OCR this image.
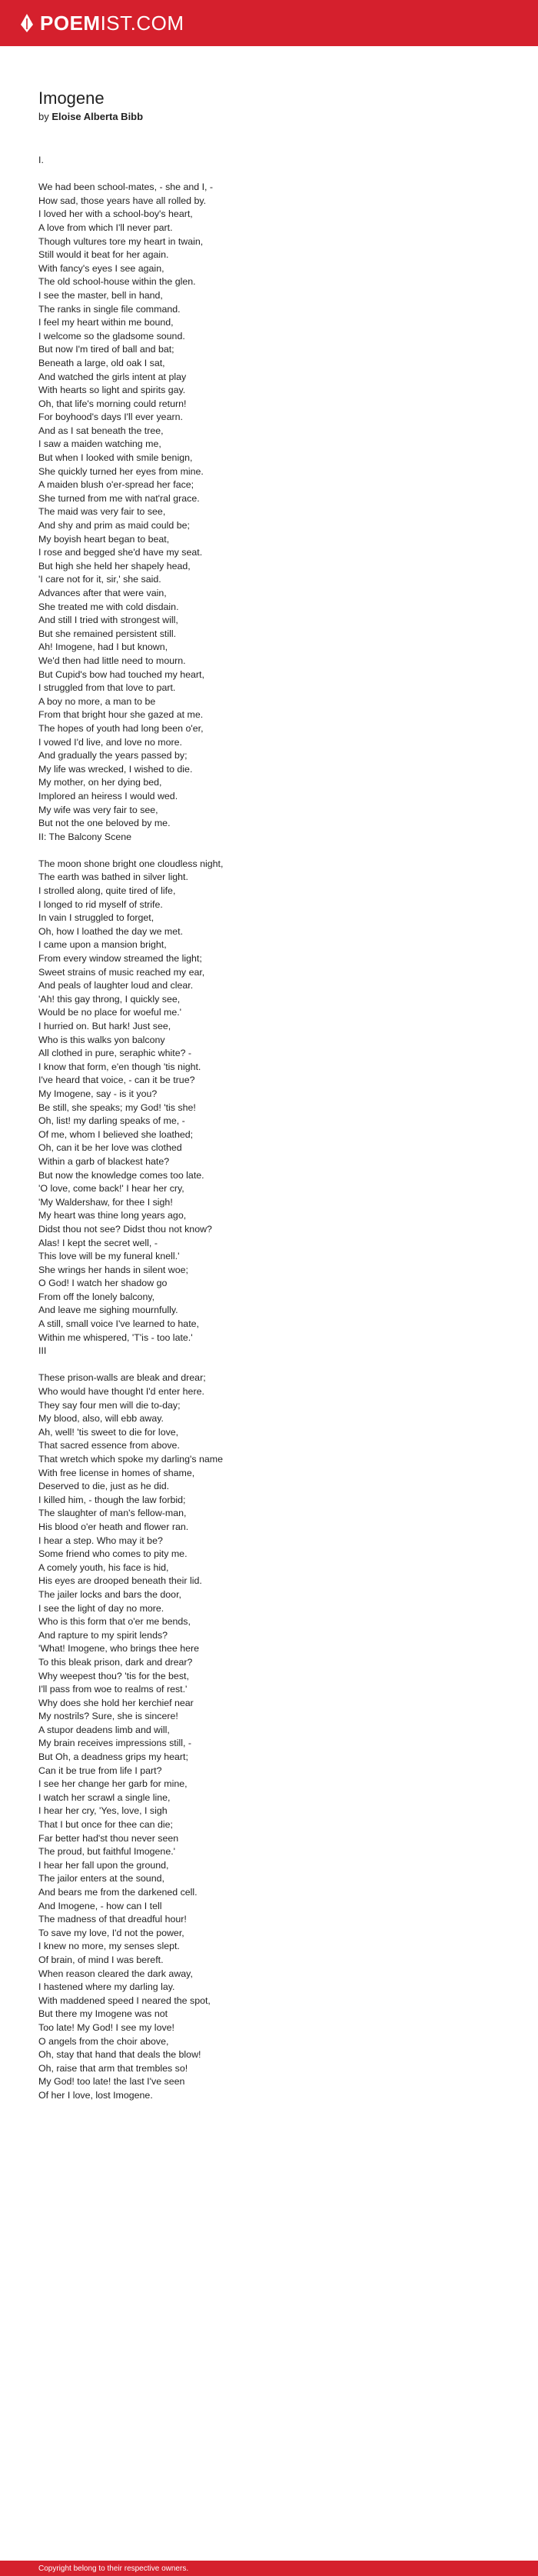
POEMIST.COM
Imogene
by Eloise Alberta Bibb
I.
We had been school-mates, - she and I, -
How sad, those years have all rolled by.
I loved her with a school-boy's heart,
A love from which I'll never part.
Though vultures tore my heart in twain,
Still would it beat for her again.
With fancy's eyes I see again,
The old school-house within the glen.
I see the master, bell in hand,
The ranks in single file command.
I feel my heart within me bound,
I welcome so the gladsome sound.
But now I'm tired of ball and bat;
Beneath a large, old oak I sat,
And watched the girls intent at play
With hearts so light and spirits gay.
Oh, that life's morning could return!
For boyhood's days I'll ever yearn.
And as I sat beneath the tree,
I saw a maiden watching me,
But when I looked with smile benign,
She quickly turned her eyes from mine.
A maiden blush o'er-spread her face;
She turned from me with nat'ral grace.
The maid was very fair to see,
And shy and prim as maid could be;
My boyish heart began to beat,
I rose and begged she'd have my seat.
But high she held her shapely head,
'I care not for it, sir,' she said.
Advances after that were vain,
She treated me with cold disdain.
And still I tried with strongest will,
But she remained persistent still.
Ah! Imogene, had I but known,
We'd then had little need to mourn.
But Cupid's bow had touched my heart,
I struggled from that love to part.
A boy no more, a man to be
From that bright hour she gazed at me.
The hopes of youth had long been o'er,
I vowed I'd live, and love no more.
And gradually the years passed by;
My life was wrecked, I wished to die.
My mother, on her dying bed,
Implored an heiress I would wed.
My wife was very fair to see,
But not the one beloved by me.
II: The Balcony Scene
The moon shone bright one cloudless night,
The earth was bathed in silver light.
I strolled along, quite tired of life,
I longed to rid myself of strife.
In vain I struggled to forget,
Oh, how I loathed the day we met.
I came upon a mansion bright,
From every window streamed the light;
Sweet strains of music reached my ear,
And peals of laughter loud and clear.
'Ah! this gay throng, I quickly see,
Would be no place for woeful me.'
I hurried on. But hark! Just see,
Who is this walks yon balcony
All clothed in pure, seraphic white? -
I know that form, e'en though 'tis night.
I've heard that voice, - can it be true?
My Imogene, say - is it you?
Be still, she speaks; my God! 'tis she!
Oh, list! my darling speaks of me, -
Of me, whom I believed she loathed;
Oh, can it be her love was clothed
Within a garb of blackest hate?
But now the knowledge comes too late.
'O love, come back!' I hear her cry,
'My Waldershaw, for thee I sigh!
My heart was thine long years ago,
Didst thou not see? Didst thou not know?
Alas! I kept the secret well, -
This love will be my funeral knell.'
She wrings her hands in silent woe;
O God! I watch her shadow go
From off the lonely balcony,
And leave me sighing mournfully.
A still, small voice I've learned to hate,
Within me whispered, 'T'is - too late.'
III
These prison-walls are bleak and drear;
Who would have thought I'd enter here.
They say four men will die to-day;
My blood, also, will ebb away.
Ah, well! 'tis sweet to die for love,
That sacred essence from above.
That wretch which spoke my darling's name
With free license in homes of shame,
Deserved to die, just as he did.
I killed him, - though the law forbid;
The slaughter of man's fellow-man,
His blood o'er heath and flower ran.
I hear a step. Who may it be?
Some friend who comes to pity me.
A comely youth, his face is hid,
His eyes are drooped beneath their lid.
The jailer locks and bars the door,
I see the light of day no more.
Who is this form that o'er me bends,
And rapture to my spirit lends?
'What! Imogene, who brings thee here
To this bleak prison, dark and drear?
Why weepest thou? 'tis for the best,
I'll pass from woe to realms of rest.'
Why does she hold her kerchief near
My nostrils? Sure, she is sincere!
A stupor deadens limb and will,
My brain receives impressions still, -
But Oh, a deadness grips my heart;
Can it be true from life I part?
I see her change her garb for mine,
I watch her scrawl a single line,
I hear her cry, 'Yes, love, I sigh
That I but once for thee can die;
Far better had'st thou never seen
The proud, but faithful Imogene.'
I hear her fall upon the ground,
The jailor enters at the sound,
And bears me from the darkened cell.
And Imogene, - how can I tell
The madness of that dreadful hour!
To save my love, I'd not the power,
I knew no more, my senses slept.
Of brain, of mind I was bereft.
When reason cleared the dark away,
I hastened where my darling lay.
With maddened speed I neared the spot,
But there my Imogene was not
Too late! My God! I see my love!
O angels from the choir above,
Oh, stay that hand that deals the blow!
Oh, raise that arm that trembles so!
My God! too late! the last I've seen
Of her I love, lost Imogene.
Copyright belong to their respective owners.
